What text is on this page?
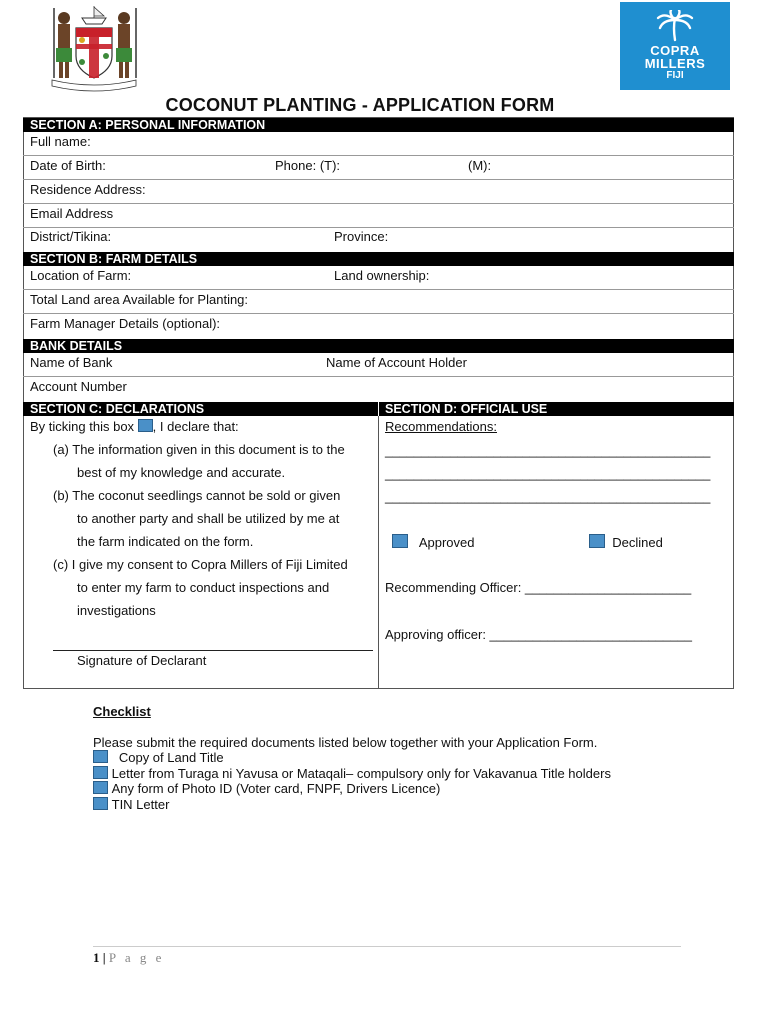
COPRA
MILLERS
FIJI
COCONUT PLANTING - APPLICATION FORM
SECTION A: PERSONAL INFORMATION
Full name:
Date of Birth:	Phone: (T):	(M):
Residence Address:
Email Address
District/Tikina:	Province:
SECTION B: FARM DETAILS
Location of Farm:	Land ownership:
Total Land area Available for Planting:
Farm Manager Details (optional):
BANK DETAILS
Name of Bank	Name of Account Holder
Account Number
SECTION C: DECLARATIONS	SECTION D: OFFICIAL USE
By ticking this box , I declare that:
(a) The information given in this document is to the
best of my knowledge and accurate.
(b) The coconut seedlings cannot be sold or given
to another party and shall be utilized by me at
the farm indicated on the form.
(c) I give my consent to Copra Millers of Fiji Limited
to enter my farm to conduct inspections and
investigations
Signature of Declarant
Recommendations:
_____________________________________________
_____________________________________________
_____________________________________________
Approved	Declined
Recommending Officer: _______________________
Approving officer: ____________________________
Checklist
Please submit the required documents listed below together with your Application Form.
Copy of Land Title
Letter from Turaga ni Yavusa or Mataqali– compulsory only for Vakavanua Title holders
Any form of Photo ID (Voter card, FNPF, Drivers Licence)
TIN Letter
1 | P a g e
